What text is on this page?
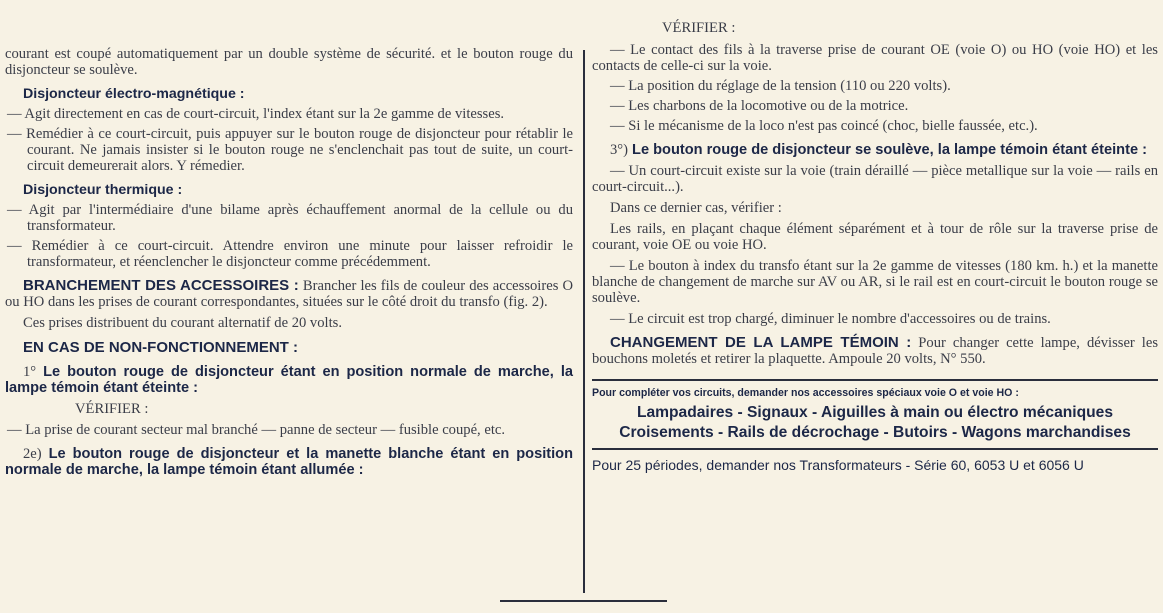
courant est coupé automatiquement par un double système de sécurité. et le bouton rouge du disjoncteur se soulève.

Disjoncteur électro-magnétique :

— Agit directement en cas de court-circuit, l'index étant sur la 2e gamme de vitesses.

— Remédier à ce court-circuit, puis appuyer sur le bouton rouge de disjoncteur pour rétablir le courant. Ne jamais insister si le bouton rouge ne s'enclenchait pas tout de suite, un court-circuit demeurerait alors. Y rémedier.

Disjoncteur thermique :

— Agit par l'intermédiaire d'une bilame après échauffement anormal de la cellule ou du transformateur.

— Remédier à ce court-circuit. Attendre environ une minute pour laisser refroidir le transformateur, et réenclencher le disjoncteur comme précédemment.

BRANCHEMENT DES ACCESSOIRES : Brancher les fils de couleur des accessoires O ou HO dans les prises de courant correspondantes, situées sur le côté droit du transfo (fig. 2).

Ces prises distribuent du courant alternatif de 20 volts.

EN CAS DE NON-FONCTIONNEMENT :

1° Le bouton rouge de disjoncteur étant en position normale de marche, la lampe témoin étant éteinte :

VÉRIFIER :

— La prise de courant secteur mal branché — panne de secteur — fusible coupé, etc.

2e) Le bouton rouge de disjoncteur et la manette blanche étant en position normale de marche, la lampe témoin étant allumée :

VÉRIFIER :

— Le contact des fils à la traverse prise de courant OE (voie O) ou HO (voie HO) et les contacts de celle-ci sur la voie.

— La position du réglage de la tension (110 ou 220 volts).

— Les charbons de la locomotive ou de la motrice.

— Si le mécanisme de la loco n'est pas coincé (choc, bielle faussée, etc.).

3°) Le bouton rouge de disjoncteur se soulève, la lampe témoin étant éteinte :

— Un court-circuit existe sur la voie (train déraillé — pièce metallique sur la voie — rails en court-circuit...).

Dans ce dernier cas, vérifier :

Les rails, en plaçant chaque élément séparément et à tour de rôle sur la traverse prise de courant, voie OE ou voie HO.

— Le bouton à index du transfo étant sur la 2e gamme de vitesses (180 km. h.) et la manette blanche de changement de marche sur AV ou AR, si le rail est en court-circuit le bouton rouge se soulève.

— Le circuit est trop chargé, diminuer le nombre d'accessoires ou de trains.

CHANGEMENT DE LA LAMPE TÉMOIN : Pour changer cette lampe, dévisser les bouchons moletés et retirer la plaquette. Ampoule 20 volts, N° 550.

Pour compléter vos circuits, demander nos accessoires spéciaux voie O et voie HO :

Lampadaires - Signaux - Aiguilles à main ou électro mécaniques

Croisements - Rails de décrochage - Butoirs - Wagons marchandises

Pour 25 périodes, demander nos Transformateurs - Série 60, 6053 U et 6056 U
